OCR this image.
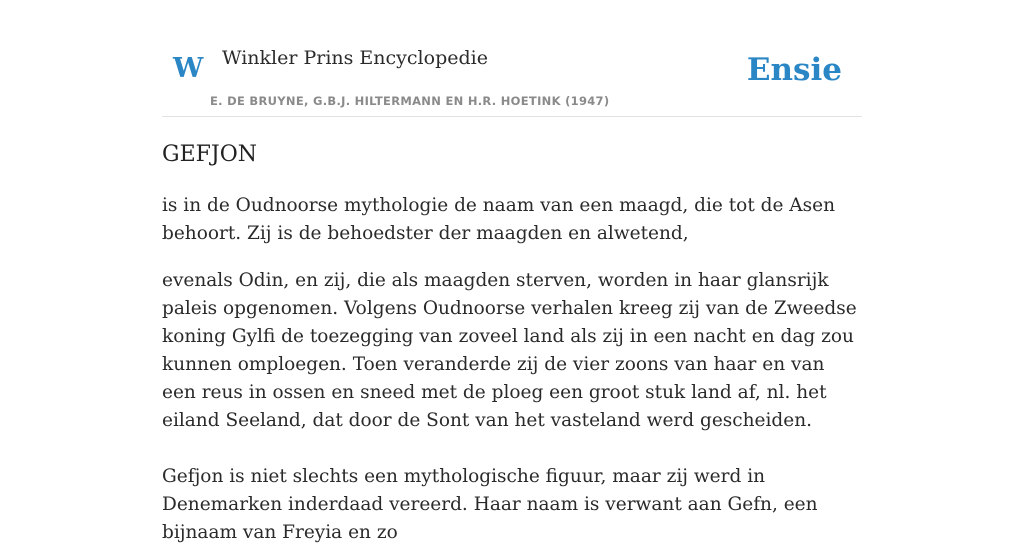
W Winkler Prins Encyclopedie
E. DE BRUYNE, G.B.J. HILTERMANN EN H.R. HOETINK (1947)
Ensie
GEFJON

is in de Oudnoorse mythologie de naam van een maagd, die tot de Asen behoort. Zij is de behoedster der maagden en alwetend,

evenals Odin, en zij, die als maagden sterven, worden in haar glansrijk paleis opgenomen. Volgens Oudnoorse verhalen kreeg zij van de Zweedse koning Gylfi de toezegging van zoveel land als zij in een nacht en dag zou kunnen omploegen. Toen veranderde zij de vier zoons van haar en van een reus in ossen en sneed met de ploeg een groot stuk land af, nl. het eiland Seeland, dat door de Sont van het vasteland werd gescheiden.

Gefjon is niet slechts een mythologische figuur, maar zij werd in Denemarken inderdaad vereerd. Haar naam is verwant aan Gefn, een bijnaam van Freyia en zo
